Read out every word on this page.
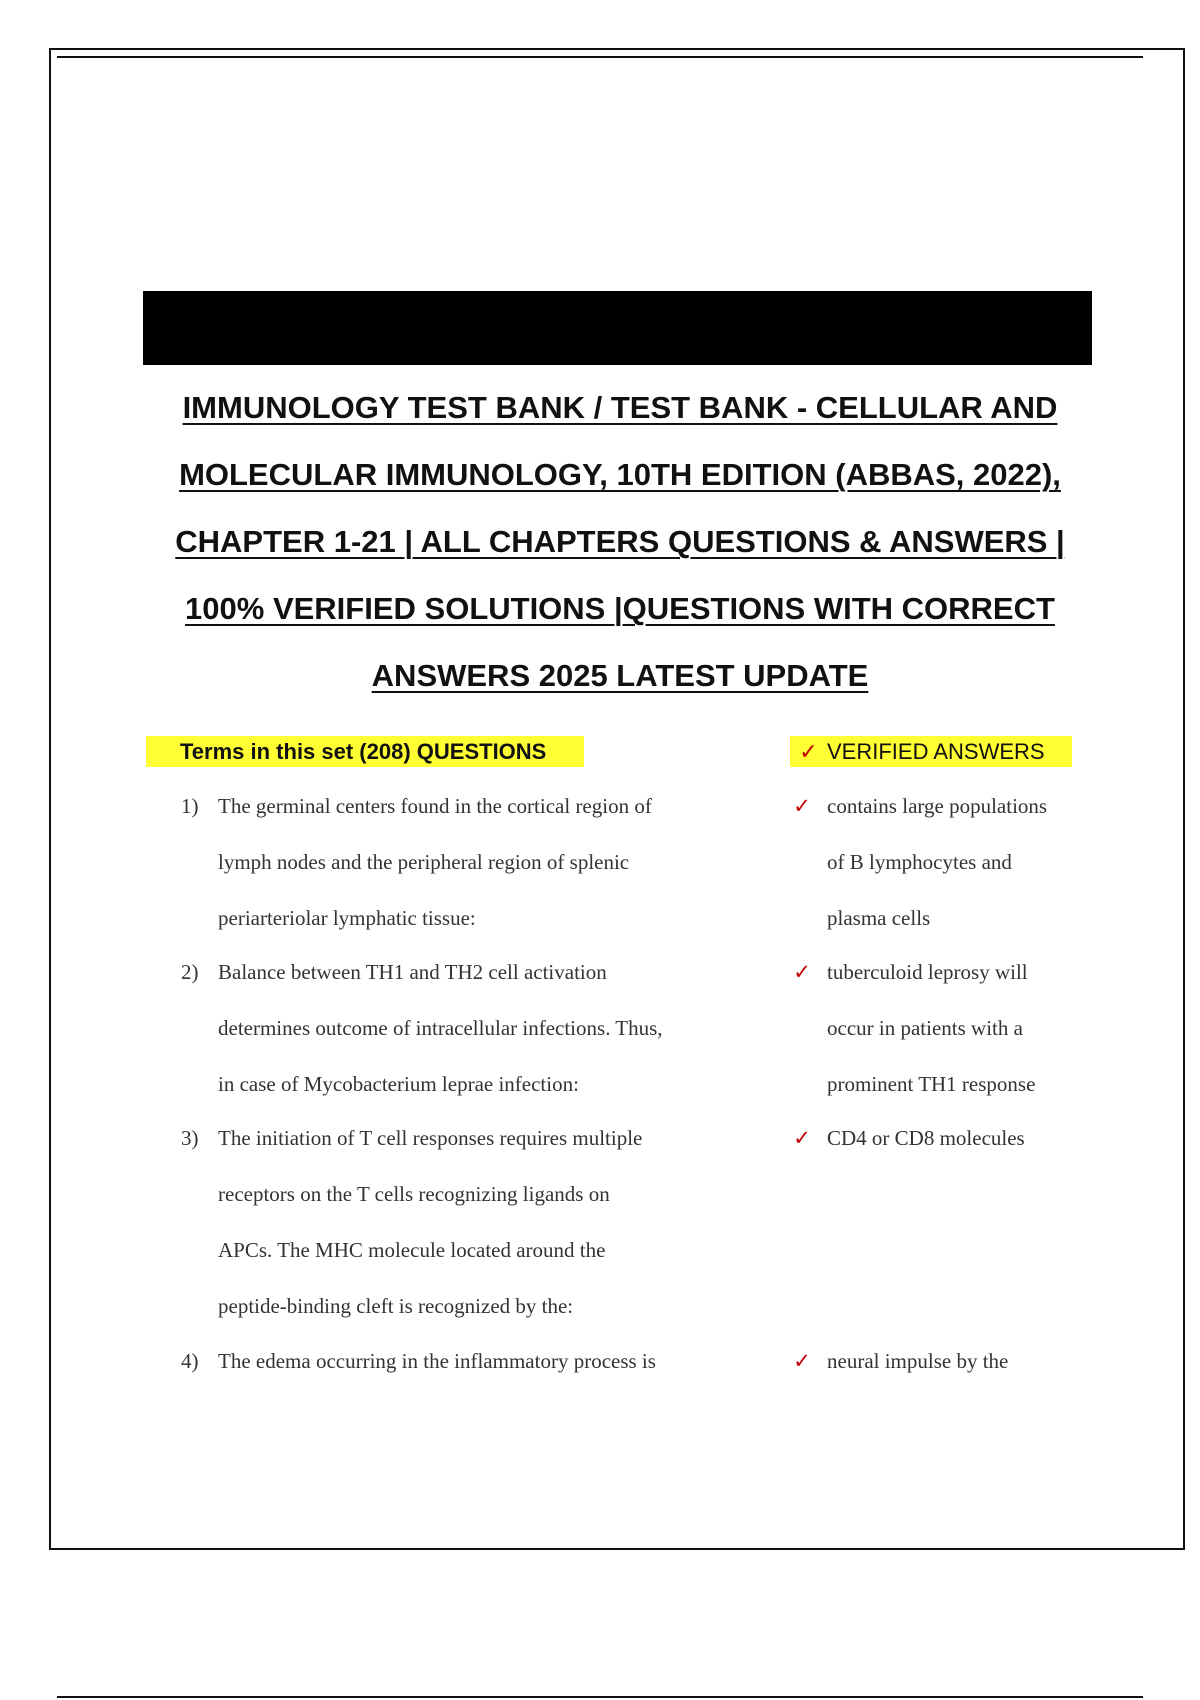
IMMUNOLOGY TEST BANK / TEST BANK - CELLULAR AND
MOLECULAR IMMUNOLOGY, 10TH EDITION (ABBAS, 2022),
CHAPTER 1-21 | ALL CHAPTERS QUESTIONS & ANSWERS |
100% VERIFIED SOLUTIONS |QUESTIONS WITH CORRECT
ANSWERS 2025 LATEST UPDATE
Terms in this set (208) QUESTIONS	✓ VERIFIED ANSWERS
1) The germinal centers found in the cortical region of
lymph nodes and the peripheral region of splenic
periarteriolar lymphatic tissue:
✓ contains large populations
of B lymphocytes and
plasma cells
2) Balance between TH1 and TH2 cell activation
determines outcome of intracellular infections. Thus,
in case of Mycobacterium leprae infection:
✓ tuberculoid leprosy will
occur in patients with a
prominent TH1 response
3) The initiation of T cell responses requires multiple
receptors on the T cells recognizing ligands on
APCs. The MHC molecule located around the
peptide-binding cleft is recognized by the:
✓ CD4 or CD8 molecules
4) The edema occurring in the inflammatory process is	✓ neural impulse by the
